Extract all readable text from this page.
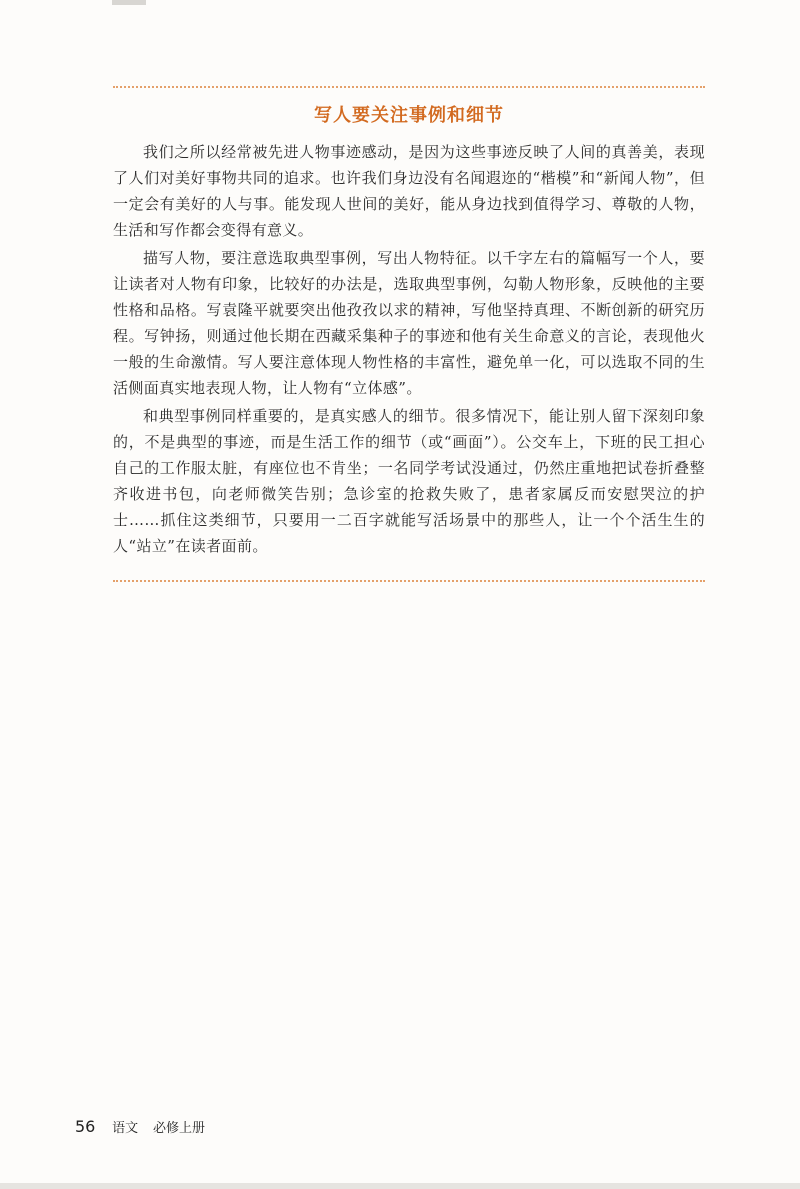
写人要关注事例和细节

我们之所以经常被先进人物事迹感动，是因为这些事迹反映了人间的真善美，表现了人们对美好事物共同的追求。也许我们身边没有名闻遐迩的“楷模”和“新闻人物”，但一定会有美好的人与事。能发现人世间的美好，能从身边找到值得学习、尊敬的人物，生活和写作都会变得有意义。

描写人物，要注意选取典型事例，写出人物特征。以千字左右的篇幅写一个人，要让读者对人物有印象，比较好的办法是，选取典型事例，勾勒人物形象，反映他的主要性格和品格。写袁隆平就要突出他孜孜以求的精神，写他坚持真理、不断创新的研究历程。写钟扬，则通过他长期在西藏采集种子的事迹和他有关生命意义的言论，表现他火一般的生命激情。写人要注意体现人物性格的丰富性，避免单一化，可以选取不同的生活侧面真实地表现人物，让人物有“立体感”。

和典型事例同样重要的，是真实感人的细节。很多情况下，能让别人留下深刻印象的，不是典型的事迹，而是生活工作的细节（或“画面”）。公交车上，下班的民工担心自己的工作服太脏，有座位也不肯坐；一名同学考试没通过，仍然庄重地把试卷折叠整齐收进书包，向老师微笑告别；急诊室的抢救失败了，患者家属反而安慰哭泣的护士……抓住这类细节，只要用一二百字就能写活场景中的那些人，让一个个活生生的人“站立”在读者面前。

56 语文 必修上册
